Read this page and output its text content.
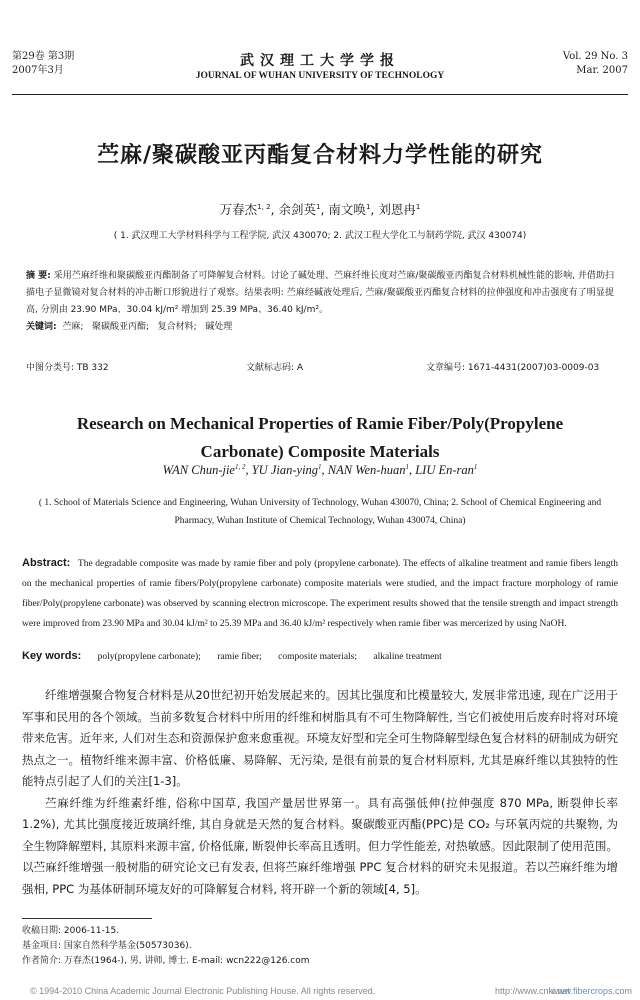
第29卷 第3期
2007年3月
武汉理工大学学报
JOURNAL OF WUHAN UNIVERSITY OF TECHNOLOGY
Vol. 29 No. 3
Mar. 2007
苎麻/聚碳酸亚丙酯复合材料力学性能的研究
万春杰$^{1, 2}$, 余剑英$^1$, 南文唤$^1$, 刘恩冉$^1$
( 1. 武汉理工大学材料科学与工程学院, 武汉 430070; 2. 武汉工程大学化工与制药学院, 武汉 430074)
摘 要: 采用苎麻纤维和聚碳酸亚丙酯制备了可降解复合材料。讨论了碱处理、苎麻纤维长度对苎麻/聚碳酸亚丙酯复合材料机械性能的影响, 并借助扫描电子显微镜对复合材料的冲击断口形貌进行了观察。结果表明: 苎麻经碱液处理后, 苎麻/聚碳酸亚丙酯复合材料的拉伸强度和冲击强度有了明显提高, 分别由 23.90 MPa、30.04 kJ/m² 增加到 25.39 MPa、36.40 kJ/m²。
关键词: 苎麻; 聚碳酸亚丙酯; 复合材料; 碱处理
中图分类号: TB 332	文献标志码: A	文章编号: 1671-4431(2007)03-0009-03
Research on Mechanical Properties of Ramie Fiber/Poly(Propylene
Carbonate) Composite Materials
WAN Chun-jie$^{1, 2}$, YU Jian-ying$^1$, NAN Wen-huan$^1$, LIU En-ran$^1$
( 1. School of Materials Science and Engineering, Wuhan University of Technology, Wuhan 430070, China; 2. School of Chemical Engineering and Pharmacy, Wuhan Institute of Chemical Technology, Wuhan 430074, China)
Abstract: The degradable composite was made by ramie fiber and poly (propylene carbonate). The effects of alkaline treatment and ramie fibers length on the mechanical properties of ramie fibers/Poly(propylene carbonate) composite materials were studied, and the impact fracture morphology of ramie fiber/Poly(propylene carbonate) was observed by scanning electron microscope. The experiment results showed that the tensile strength and impact strength were improved from 23.90 MPa and 30.04 kJ/m² to 25.39 MPa and 36.40 kJ/m² respectively when ramie fiber was mercerized by using NaOH.
Key words: poly(propylene carbonate); ramie fiber; composite materials; alkaline treatment

纤维增强聚合物复合材料是从20世纪初开始发展起来的。因其比强度和比模量较大, 发展非常迅速, 现在广泛用于军事和民用的各个领域。当前多数复合材料中所用的纤维和树脂具有不可生物降解性, 当它们被使用后废弃时将对环境带来危害。近年来, 人们对生态和资源保护愈来愈重视。环境友好型和完全可生物降解型绿色复合材料的研制成为研究热点之一。植物纤维来源丰富、价格低廉、易降解、无污染, 是很有前景的复合材料原料, 尤其是麻纤维以其独特的性能特点引起了人们的关注[1-3]。

苎麻纤维为纤维素纤维, 俗称中国草, 我国产量居世界第一。具有高强低伸(拉伸强度 870 MPa, 断裂伸长率 1.2%), 尤其比强度接近玻璃纤维, 其自身就是天然的复合材料。聚碳酸亚丙酯(PPC)是 CO₂ 与环氧丙烷的共聚物, 为全生物降解塑料, 其原料来源丰富, 价格低廉, 断裂伸长率高且透明。但力学性能差, 对热敏感。因此限制了使用范围。以苎麻纤维增强一般树脂的研究论文已有发表, 但将苎麻纤维增强 PPC 复合材料的研究未见报道。若以苎麻纤维为增强相, PPC 为基体研制环境友好的可降解复合材料, 将开辟一个新的领域[4, 5]。

收稿日期: 2006-11-15.
基金项目: 国家自然科学基金(50573036).
作者简介: 万春杰(1964-), 男, 讲师, 博士. E-mail: wcn222@126.com
© 1994-2010 China Academic Journal Electronic Publishing House. All rights reserved.	http://www.cnki.net
www.fibercrops.com
